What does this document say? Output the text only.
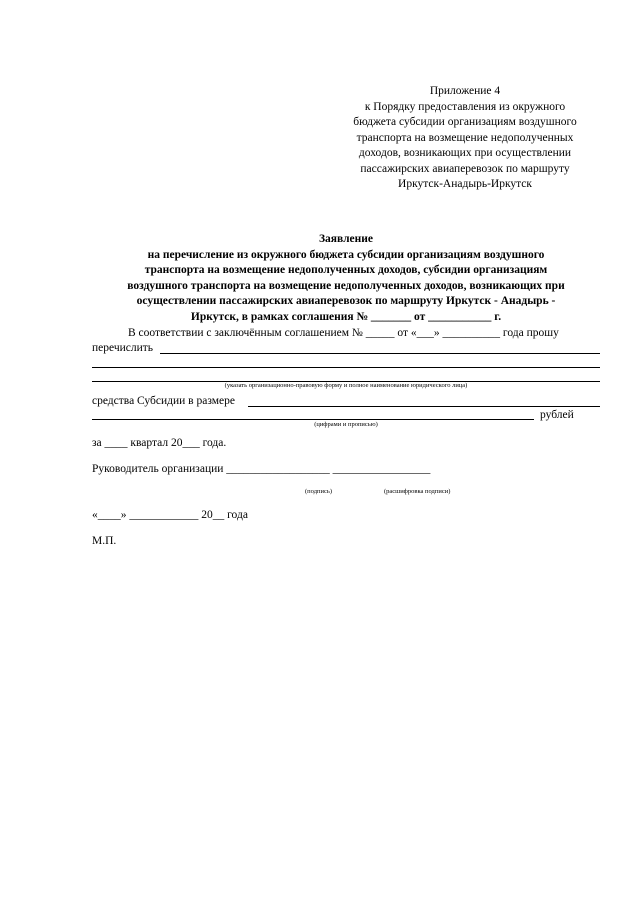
Приложение 4
к Порядку предоставления из окружного
бюджета субсидии организациям воздушного
транспорта на возмещение недополученных
доходов, возникающих при осуществлении
пассажирских авиаперевозок по маршруту
Иркутск-Анадырь-Иркутск
Заявление
на перечисление из окружного бюджета субсидии организациям воздушного
транспорта на возмещение недополученных доходов, субсидии организациям
воздушного транспорта на возмещение недополученных доходов, возникающих при
осуществлении пассажирских авиаперевозок по маршруту Иркутск - Анадырь -
Иркутск, в рамках соглашения № _______ от ___________ г.
В соответствии с заключённым соглашением № _____ от «___» __________ года прошу
перечислить
(указать организационно-правовую форму и полное наименование юридического лица)
средства Субсидии в размере
рублей
(цифрами и прописью)
за ____ квартал 20___ года.
Руководитель организации __________________ _________________
(подпись)	(расшифровка подписи)
«____» ____________ 20__ года
М.П.
